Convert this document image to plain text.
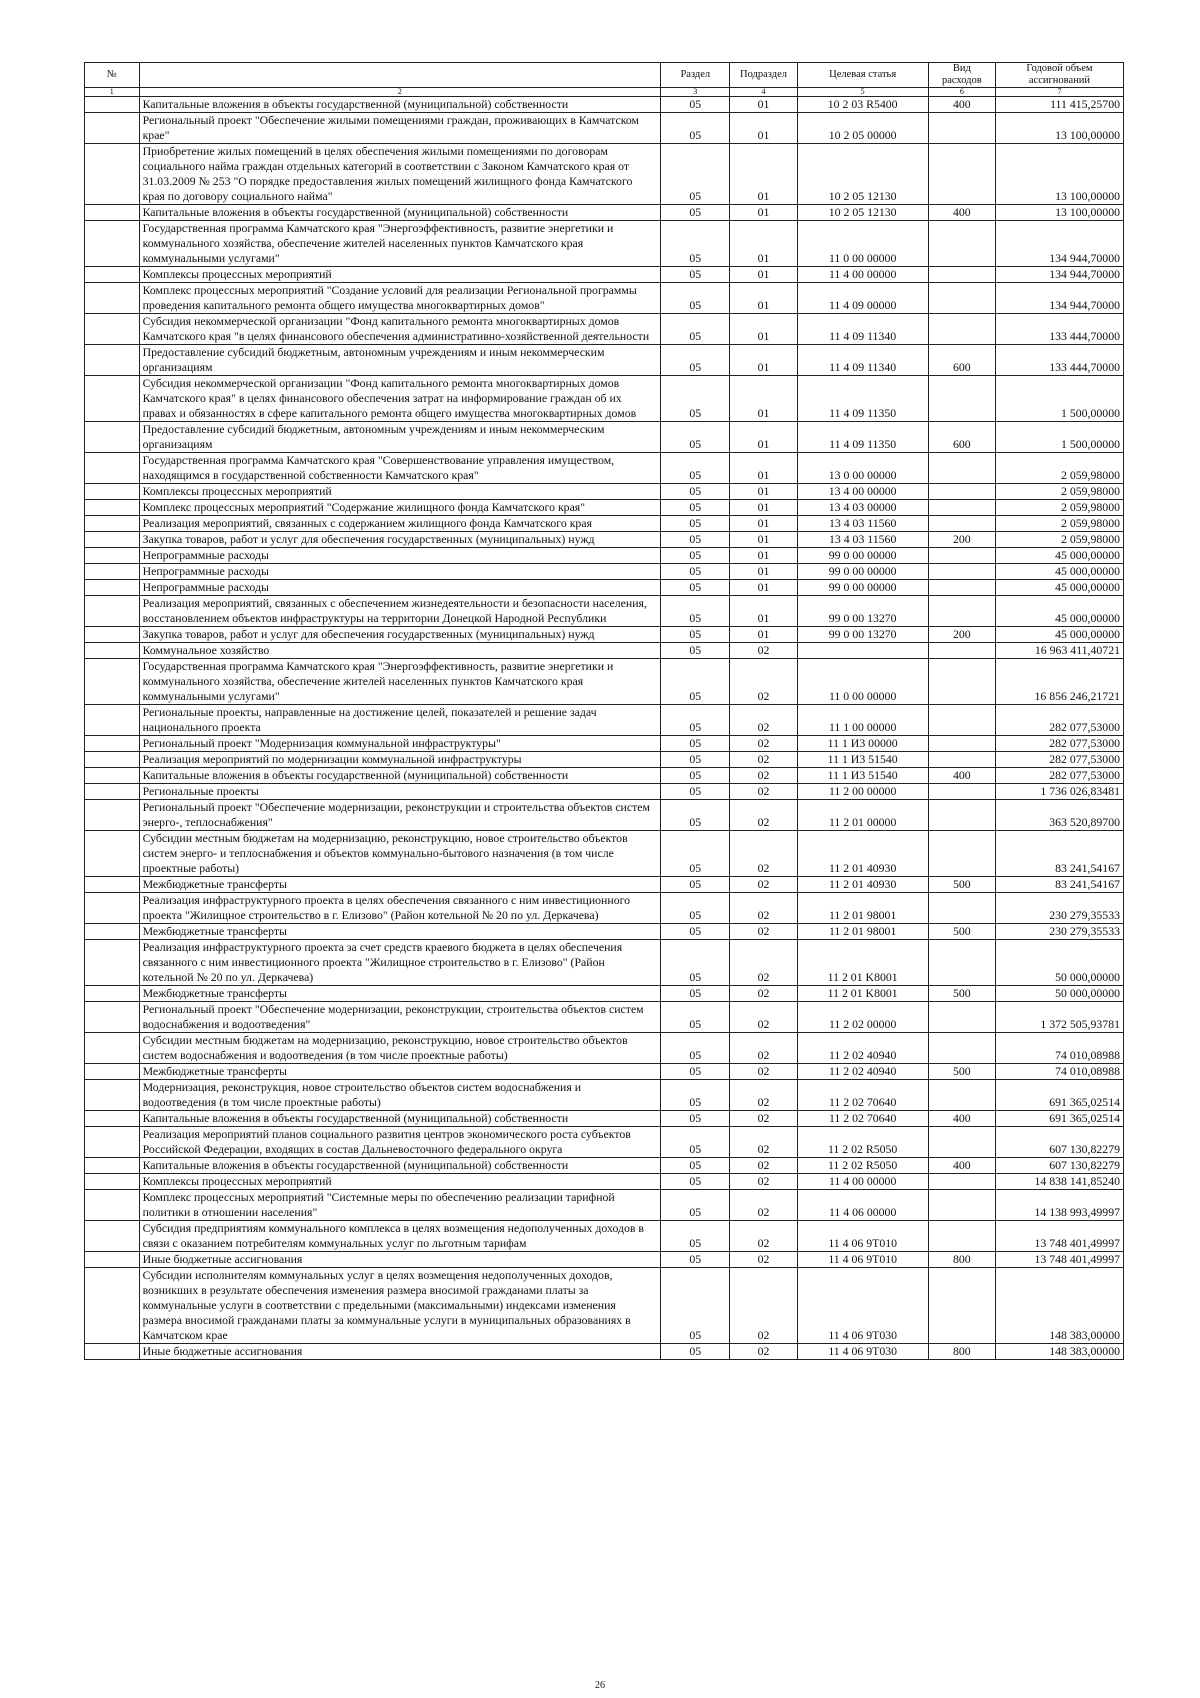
№		Раздел	Подраздел	Целевая статья	Вид расходов	Годовой объем ассигнований
1	2	3	4	5	6	7
	Капитальные вложения в объекты государственной (муниципальной) собственности	05	01	10 2 03 R5400	400	111 415,25700
	Региональный проект "Обеспечение жилыми помещениями граждан, проживающих в Камчатском крае"	05	01	10 2 05 00000		13 100,00000
	Приобретение жилых помещений в целях обеспечения жилыми помещениями по договорам социального найма граждан отдельных категорий в соответствии с Законом Камчатского края от 31.03.2009 № 253 "О порядке предоставления жилых помещений жилищного фонда Камчатского края по договору социального найма"	05	01	10 2 05 12130		13 100,00000
	Капитальные вложения в объекты государственной (муниципальной) собственности	05	01	10 2 05 12130	400	13 100,00000
	Государственная программа Камчатского края "Энергоэффективность, развитие энергетики и коммунального хозяйства, обеспечение жителей населенных пунктов Камчатского края коммунальными услугами"	05	01	11 0 00 00000		134 944,70000
	Комплексы процессных мероприятий	05	01	11 4 00 00000		134 944,70000
	Комплекс процессных мероприятий "Создание условий для реализации Региональной программы проведения капитального ремонта общего имущества многоквартирных домов"	05	01	11 4 09 00000		134 944,70000
	Субсидия некоммерческой организации "Фонд капитального ремонта многоквартирных домов Камчатского края "в целях финансового обеспечения административно-хозяйственной деятельности	05	01	11 4 09 11340		133 444,70000
	Предоставление субсидий бюджетным, автономным учреждениям и иным некоммерческим организациям	05	01	11 4 09 11340	600	133 444,70000
	Субсидия некоммерческой организации "Фонд капитального ремонта многоквартирных домов Камчатского края" в целях финансового обеспечения затрат на информирование граждан об их правах и обязанностях в сфере капитального ремонта общего имущества многоквартирных домов	05	01	11 4 09 11350		1 500,00000
	Предоставление субсидий бюджетным, автономным учреждениям и иным некоммерческим организациям	05	01	11 4 09 11350	600	1 500,00000
	Государственная программа Камчатского края "Совершенствование управления имуществом, находящимся в государственной собственности Камчатского края"	05	01	13 0 00 00000		2 059,98000
	Комплексы процессных мероприятий	05	01	13 4 00 00000		2 059,98000
	Комплекс процессных мероприятий "Содержание жилищного фонда Камчатского края"	05	01	13 4 03 00000		2 059,98000
	Реализация мероприятий, связанных с содержанием жилищного фонда Камчатского края	05	01	13 4 03 11560		2 059,98000
	Закупка товаров, работ и услуг для обеспечения государственных (муниципальных) нужд	05	01	13 4 03 11560	200	2 059,98000
	Непрограммные расходы	05	01	99 0 00 00000		45 000,00000
	Непрограммные расходы	05	01	99 0 00 00000		45 000,00000
	Непрограммные расходы	05	01	99 0 00 00000		45 000,00000
	Реализация мероприятий, связанных с обеспечением жизнедеятельности и безопасности населения, восстановлением объектов инфраструктуры на территории Донецкой Народной Республики	05	01	99 0 00 13270		45 000,00000
	Закупка товаров, работ и услуг для обеспечения государственных (муниципальных) нужд	05	01	99 0 00 13270	200	45 000,00000
	Коммунальное хозяйство	05	02			16 963 411,40721
	Государственная программа Камчатского края "Энергоэффективность, развитие энергетики и коммунального хозяйства, обеспечение жителей населенных пунктов Камчатского края коммунальными услугами"	05	02	11 0 00 00000		16 856 246,21721
	Региональные проекты, направленные на достижение целей, показателей и решение задач национального проекта	05	02	11 1 00 00000		282 077,53000
	Региональный проект "Модернизация коммунальной инфраструктуры"	05	02	11 1 И3 00000		282 077,53000
	Реализация мероприятий по модернизации коммунальной инфраструктуры	05	02	11 1 И3 51540		282 077,53000
	Капитальные вложения в объекты государственной (муниципальной) собственности	05	02	11 1 И3 51540	400	282 077,53000
	Региональные проекты	05	02	11 2 00 00000		1 736 026,83481
	Региональный проект "Обеспечение модернизации, реконструкции и строительства объектов систем энерго-, теплоснабжения"	05	02	11 2 01 00000		363 520,89700
	Субсидии местным бюджетам на модернизацию, реконструкцию, новое строительство объектов систем энерго- и теплоснабжения и объектов коммунально-бытового назначения (в том числе проектные работы)	05	02	11 2 01 40930		83 241,54167
	Межбюджетные трансферты	05	02	11 2 01 40930	500	83 241,54167
	Реализация инфраструктурного проекта в целях обеспечения связанного с ним инвестиционного проекта "Жилищное строительство в г. Елизово" (Район котельной № 20 по ул. Деркачева)	05	02	11 2 01 98001		230 279,35533
	Межбюджетные трансферты	05	02	11 2 01 98001	500	230 279,35533
	Реализация инфраструктурного проекта за счет средств краевого бюджета в целях обеспечения связанного с ним инвестиционного проекта "Жилищное строительство в г. Елизово" (Район котельной № 20 по ул. Деркачева)	05	02	11 2 01 K8001		50 000,00000
	Межбюджетные трансферты	05	02	11 2 01 K8001	500	50 000,00000
	Региональный проект "Обеспечение модернизации, реконструкции, строительства объектов систем водоснабжения и водоотведения"	05	02	11 2 02 00000		1 372 505,93781
	Субсидии местным бюджетам на модернизацию, реконструкцию, новое строительство объектов систем водоснабжения и водоотведения (в том числе проектные работы)	05	02	11 2 02 40940		74 010,08988
	Межбюджетные трансферты	05	02	11 2 02 40940	500	74 010,08988
	Модернизация, реконструкция, новое строительство объектов систем водоснабжения и водоотведения (в том числе проектные работы)	05	02	11 2 02 70640		691 365,02514
	Капитальные вложения в объекты государственной (муниципальной) собственности	05	02	11 2 02 70640	400	691 365,02514
	Реализация мероприятий планов социального развития центров экономического роста субъектов Российской Федерации, входящих в состав Дальневосточного федерального округа	05	02	11 2 02 R5050		607 130,82279
	Капитальные вложения в объекты государственной (муниципальной) собственности	05	02	11 2 02 R5050	400	607 130,82279
	Комплексы процессных мероприятий	05	02	11 4 00 00000		14 838 141,85240
	Комплекс процессных мероприятий "Системные меры по обеспечению реализации тарифной политики в отношении населения"	05	02	11 4 06 00000		14 138 993,49997
	Субсидия предприятиям коммунального комплекса в целях возмещения недополученных доходов в связи с оказанием потребителям коммунальных услуг по льготным тарифам	05	02	11 4 06 9T010		13 748 401,49997
	Иные бюджетные ассигнования	05	02	11 4 06 9T010	800	13 748 401,49997
	Субсидии исполнителям коммунальных услуг в целях возмещения недополученных доходов, возникших в результате обеспечения изменения размера вносимой гражданами платы за коммунальные услуги в соответствии с предельными (максимальными) индексами изменения размера вносимой гражданами платы за коммунальные услуги в муниципальных образованиях в Камчатском крае	05	02	11 4 06 9T030		148 383,00000
	Иные бюджетные ассигнования	05	02	11 4 06 9T030	800	148 383,00000
26
